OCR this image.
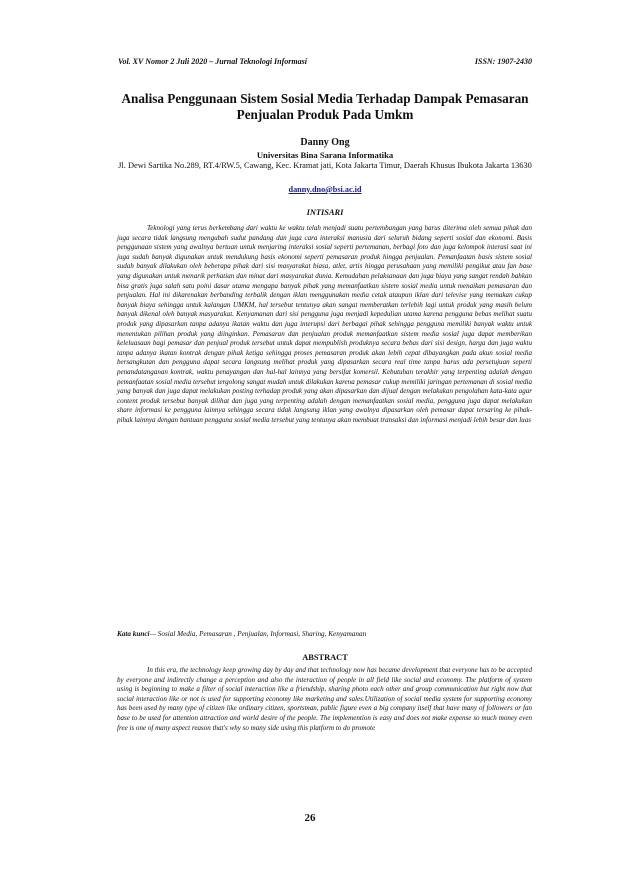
Vol. XV Nomor 2 Juli 2020 – Jurnal Teknologi Informasi	ISSN: 1907-2430
Analisa Penggunaan Sistem Sosial Media Terhadap Dampak Pemasaran Penjualan Produk Pada Umkm
Danny Ong
Universitas Bina Sarana Informatika
Jl. Dewi Sartika No.289, RT.4/RW.5, Cawang, Kec. Kramat jati, Kota Jakarta Timur, Daerah Khusus Ibukota Jakarta 13630
danny.dno@bsi.ac.id
INTISARI
Teknologi yang terus berkembang dari waktu ke waktu telah menjadi suatu pertembangan yang harus diterima oleh semua pihak dan juga secara tidak langsung mengubah sudut pandang dan juga cara interaksi manusia dari seluruh bidang seperti sosial dan ekonomi. Basis penggunaan sistem yang awalnya bertuan untuk menjaring interaksi sosial seperti pertemanan, berbagi foto dan juga kelompok interasi saat ini juga sudah banyak digunakan untuk mendukung basis ekonomi seperti pemasaran produk hingga penjualan. Pemanfaatan basis sistem sosial sudah banyak dilakukan oleh beberapa pihak dari sisi masyarakat biasa, atlet, artis hingga perusahaan yang memiliki pengikut atau fan base yang digunakan untuk menarik perhatian dan minat dari masyarakat dunia. Kemudahan pelaksanaan dan juga biaya yang sangat rendah bahkan bisa gratis juga salah satu poini dasar utama mengapa banyak pihak yang memanfaatkan sistem sosial media untuk menaikan pemasaran dan penjualan. Hal ini dikarenakan berbanding terbalik dengan iklan menggunakan media cetak ataupun iklan dari televise yang memakan cukup banyak biaya sehingga untuk kalangan UMKM, hal tersebut tentunya akan sangat memberatkan terlebih lagi untuk produk yang masih belum banyak dikenal oleh banyak masyarakat. Kenyamanan dari sisi pengguna juga menjadi kepedulian utama karena pengguna bebas melihat suatu produk yang dipasarkan tanpa adanya ikatan waktu dan juga interupsi dari berbagai pihak sehingga pengguna memiliki banyak waktu untuk menentukan pilihan produk yang diinginkan. Pemasaran dan penjualan produk memanfaatkan sistem media sosial juga dapat memberikan keleluasaan bagi pemasar dan penjual produk tersebut untuk dapat mempublish produknya secara bebas dari sisi design, harga dan juga waktu tanpa adanya ikatan kontrak dengan pihak ketiga sehingga proses pemasaran produk akan lebih cepat dibayangkan pada akun sosial media bersangkutan dan pengguna dapat secara langsung melihat produk yang dipasarkan secara real time tanpa harus ada persetujuan seperti penandatanganan kontrak, waktu penayangan dan hal-hal lainnya yang bersifat komersil. Kebutuhan terakhir yang terpenting adalah dengan pemanfaatan sosial media tersebut tergolong sangat mudah untuk dilakukan karena pemasar cukup memiliki jaringan pertemanan di sosial media yang banyak dan juga dapat melakukan posting terhadap produk yang akan dipasarkan dan dijual dengan melakukan pengolahan kata-kata agar content produk tersebut banyak dilihat dan juga yang terpenting adalah dengan memanfaatkan sosial media, pengguna juga dapat melakukan share informasi ke pengguna lainnya sehingga secara tidak langsung iklan yang awalnya dipasarkan oleh pemasar dapat tersaring ke pihak-pihak lainnya dengan bantuan pengguna sosial media tersebut yang tentunya akan membuat transaksi dan informasi menjadi lebih besar dan luas
Kata kunci— Sosial Media, Pemasaran , Penjualan, Informasi, Sharing, Kenyamanan
ABSTRACT
In this era, the technology keep growing day by day and that technology now has became development that everyone has to be accepted by everyone and indirectly change a perception and also the interaction of people in all field like social and economy. The platform of system using is beginning to make a filter of social interaction like a friendship, sharing photo each other and group communication but right now that social interaction like or not is used for supporting economy like marketing and sales.Utilization of social media system for supporting economy has been used by many type of citizen like ordinary citizen, sportsman, public figure even a big company itself that have many of followers or fan base to be used for attention attraction and world desire of the people. The implemention is easy and does not make expense so much money even free is one of many aspect reason that's why so many side using this platform to do promote
26
